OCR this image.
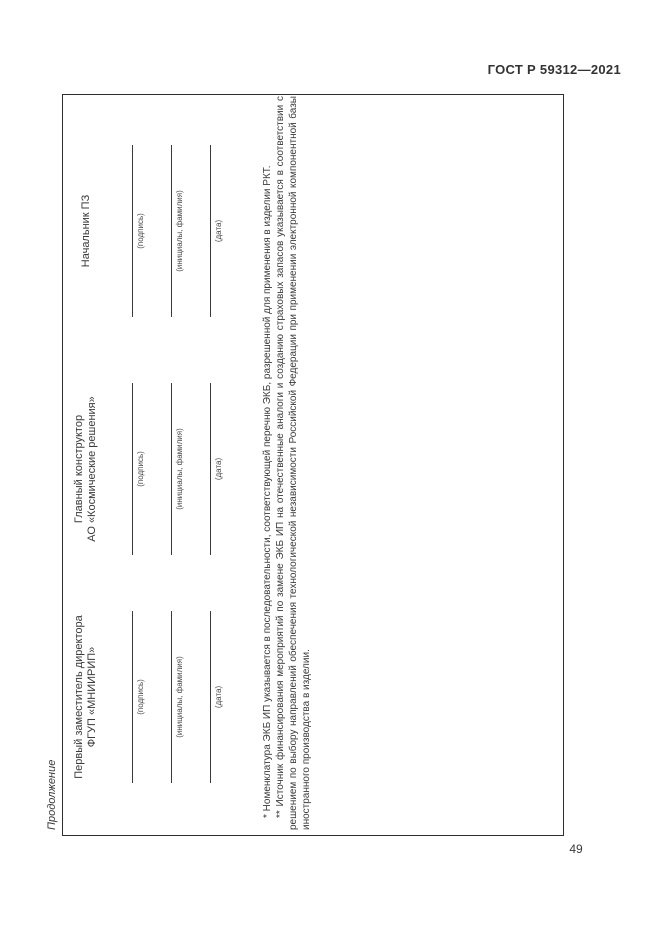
ГОСТ Р 59312—2021
Продолжение
Первый заместитель директора ФГУП «МНИИРИП»	(подпись)	(инициалы, фамилия)	(дата)
Главный конструктор АО «Космические решения»	(подпись)	(инициалы, фамилия)	(дата)
Начальник ПЗ	(подпись)	(инициалы, фамилия)	(дата)	* Номенклатура ЭКБ ИП указывается в последовательности, соответствующей перечню ЭКБ, разрешенной для применения в изделии РКТ. ** Источник финансирования мероприятий по замене ЭКБ ИП на отечественные аналоги и созданию страховых запасов указывается в соответствии с решением по выбору направлений обеспечения технологической независимости Российской Федерации при применении электронной компонентной базы иностранного производства в изделии.

49
